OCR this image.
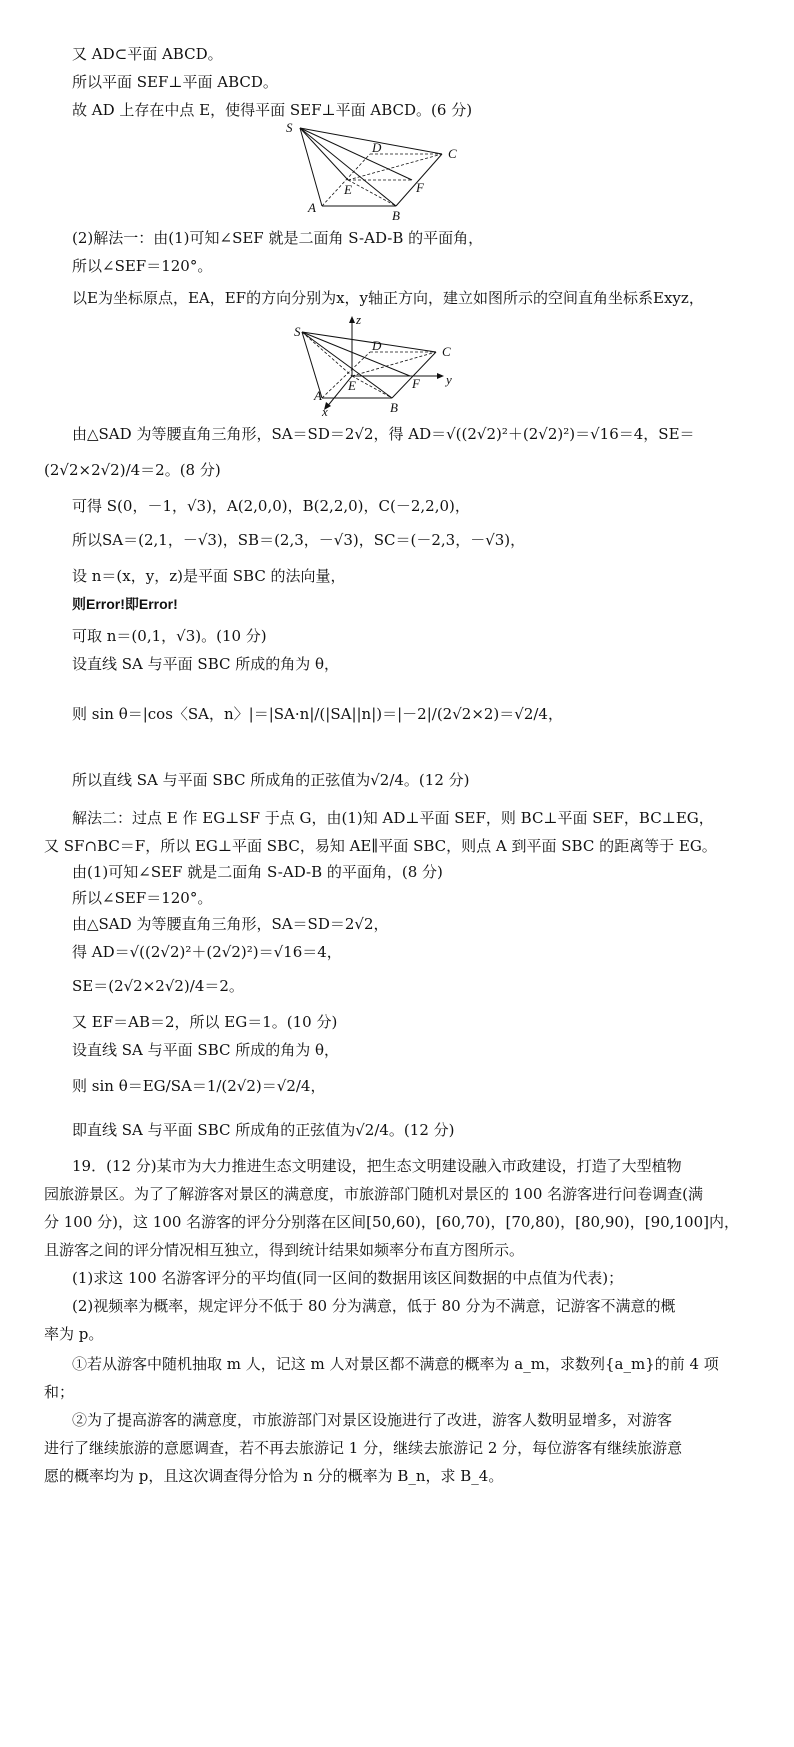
又 AD⊂平面 ABCD。
所以平面 SEF⊥平面 ABCD。
故 AD 上存在中点 E，使得平面 SEF⊥平面 ABCD。(6 分)
S
D	C
E	F
A
B
(2)解法一：由(1)可知∠SEF 就是二面角 S-AD-B 的平面角，
所以∠SEF＝120°。
以E为坐标原点，EA，EF的方向分别为x，y轴正方向，建立如图所示的空间直角坐标系Exyz，
S
D	C
E	F
A
B
z
y
x
由△SAD 为等腰直角三角形，SA＝SD＝2√2，得 AD＝√((2√2)²＋(2√2)²)＝√16＝4，SE＝
(2√2×2√2)/4＝2。(8 分)
可得 S(0，－1，√3)，A(2,0,0)，B(2,2,0)，C(－2,2,0)，
所以SA＝(2,1，－√3)，SB＝(2,3，－√3)，SC＝(－2,3，－√3)，
设 n＝(x，y，z)是平面 SBC 的法向量，
则Error!即Error!
可取 n＝(0,1，√3)。(10 分)
设直线 SA 与平面 SBC 所成的角为 θ，
则 sin θ＝|cos〈SA，n〉|＝|SA·n|/(|SA||n|)＝|－2|/(2√2×2)＝√2/4，
所以直线 SA 与平面 SBC 所成角的正弦值为√2/4。(12 分)
解法二：过点 E 作 EG⊥SF 于点 G，由(1)知 AD⊥平面 SEF，则 BC⊥平面 SEF，BC⊥EG，
又 SF∩BC＝F，所以 EG⊥平面 SBC，易知 AE∥平面 SBC，则点 A 到平面 SBC 的距离等于 EG。
由(1)可知∠SEF 就是二面角 S-AD-B 的平面角，(8 分)
所以∠SEF＝120°。
由△SAD 为等腰直角三角形，SA＝SD＝2√2，
得 AD＝√((2√2)²＋(2√2)²)＝√16＝4，
SE＝(2√2×2√2)/4＝2。
又 EF＝AB＝2，所以 EG＝1。(10 分)
设直线 SA 与平面 SBC 所成的角为 θ，
则 sin θ＝EG/SA＝1/(2√2)＝√2/4，
即直线 SA 与平面 SBC 所成角的正弦值为√2/4。(12 分)
19．(12 分)某市为大力推进生态文明建设，把生态文明建设融入市政建设，打造了大型植物
园旅游景区。为了了解游客对景区的满意度，市旅游部门随机对景区的 100 名游客进行问卷调查(满
分 100 分)，这 100 名游客的评分分别落在区间[50,60)，[60,70)，[70,80)，[80,90)，[90,100]内，
且游客之间的评分情况相互独立，得到统计结果如频率分布直方图所示。
(1)求这 100 名游客评分的平均值(同一区间的数据用该区间数据的中点值为代表)；
(2)视频率为概率，规定评分不低于 80 分为满意，低于 80 分为不满意，记游客不满意的概
率为 p。
①若从游客中随机抽取 m 人，记这 m 人对景区都不满意的概率为 a_m，求数列{a_m}的前 4 项
和；
②为了提高游客的满意度，市旅游部门对景区设施进行了改进，游客人数明显增多，对游客
进行了继续旅游的意愿调查，若不再去旅游记 1 分，继续去旅游记 2 分，每位游客有继续旅游意
愿的概率均为 p，且这次调查得分恰为 n 分的概率为 B_n，求 B_4。
